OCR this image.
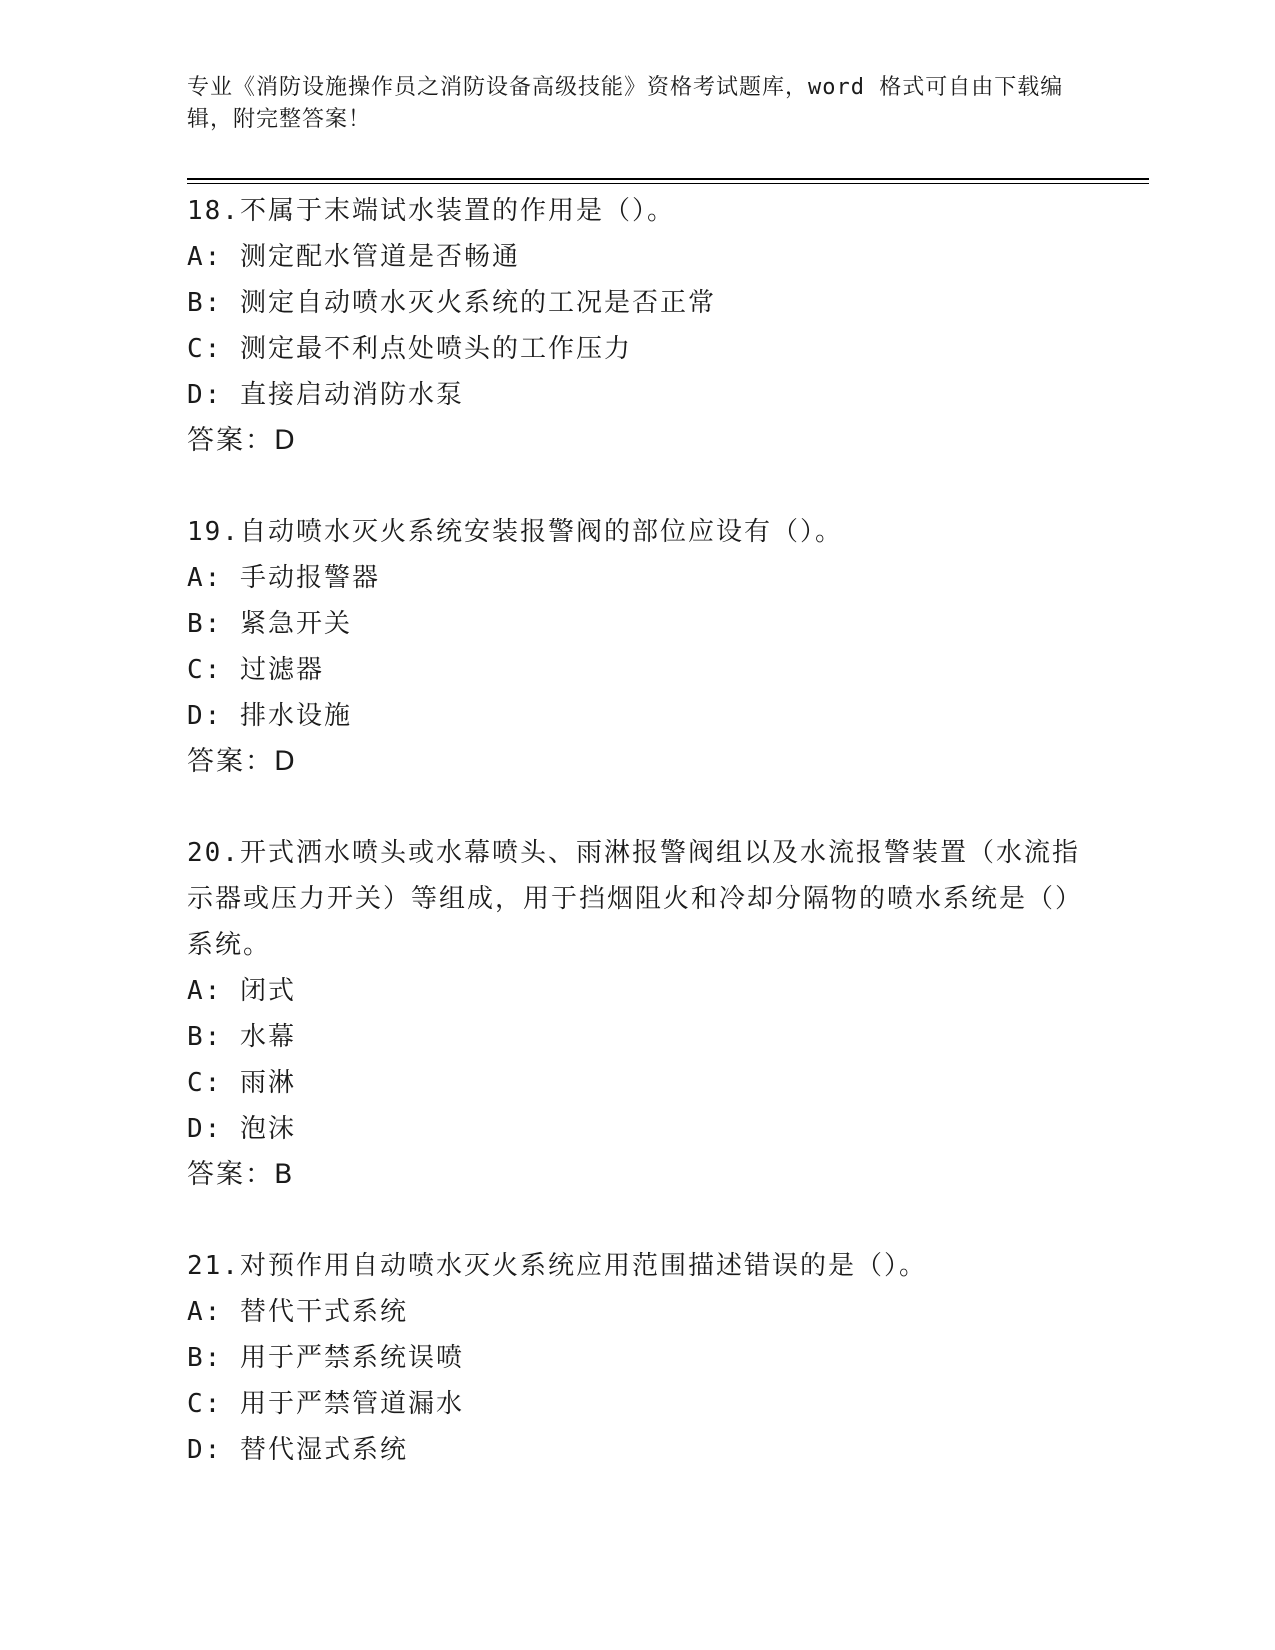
专业《消防设施操作员之消防设备高级技能》资格考试题库，word 格式可自由下载编辑，附完整答案！

18.不属于末端试水装置的作用是（）。

A: 测定配水管道是否畅通

B: 测定自动喷水灭火系统的工况是否正常

C: 测定最不利点处喷头的工作压力

D: 直接启动消防水泵

答案：D

19.自动喷水灭火系统安装报警阀的部位应设有（）。

A: 手动报警器

B: 紧急开关

C: 过滤器

D: 排水设施

答案：D

20.开式洒水喷头或水幕喷头、雨淋报警阀组以及水流报警装置（水流指示器或压力开关）等组成，用于挡烟阻火和冷却分隔物的喷水系统是（）系统。

A: 闭式

B: 水幕

C: 雨淋

D: 泡沫

答案：B

21.对预作用自动喷水灭火系统应用范围描述错误的是（）。

A: 替代干式系统

B: 用于严禁系统误喷

C: 用于严禁管道漏水

D: 替代湿式系统
